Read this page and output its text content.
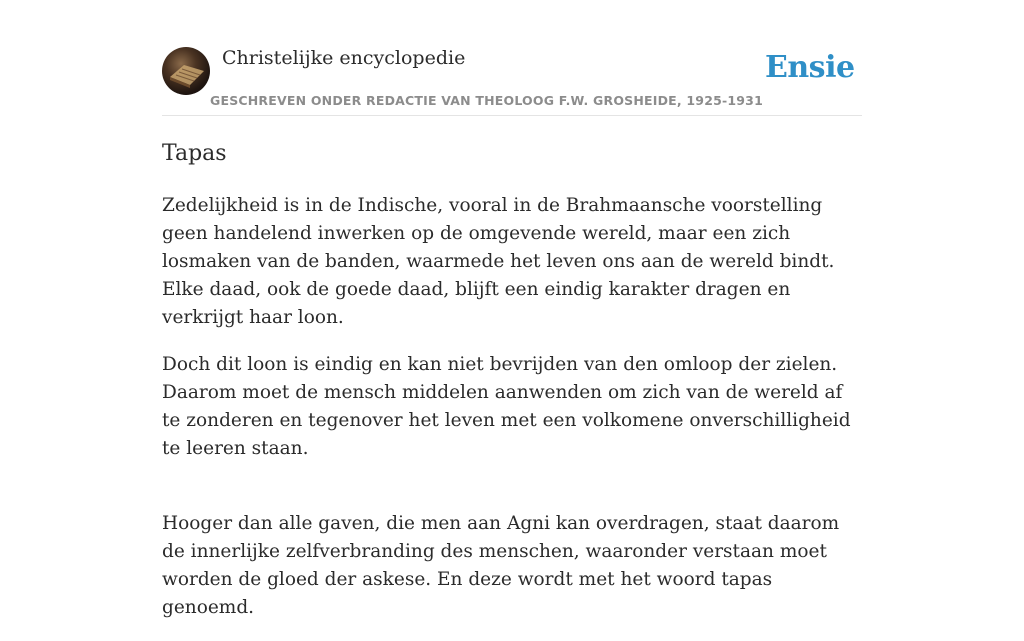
Christelijke encyclopedie	Ensie
GESCHREVEN ONDER REDACTIE VAN THEOLOOG F.W. GROSHEIDE, 1925-1931
Tapas

Zedelijkheid is in de Indische, vooral in de Brahmaansche voorstelling geen handelend inwerken op de omgevende wereld, maar een zich losmaken van de banden, waarmede het leven ons aan de wereld bindt. Elke daad, ook de goede daad, blijft een eindig karakter dragen en verkrijgt haar loon.

Doch dit loon is eindig en kan niet bevrijden van den omloop der zielen. Daarom moet de mensch middelen aanwenden om zich van de wereld af te zonderen en tegenover het leven met een volkomene onverschilligheid te leeren staan.

Hooger dan alle gaven, die men aan Agni kan overdragen, staat daarom de innerlijke zelfverbranding des menschen, waaronder verstaan moet worden de gloed der askese. En deze wordt met het woord tapas genoemd.
